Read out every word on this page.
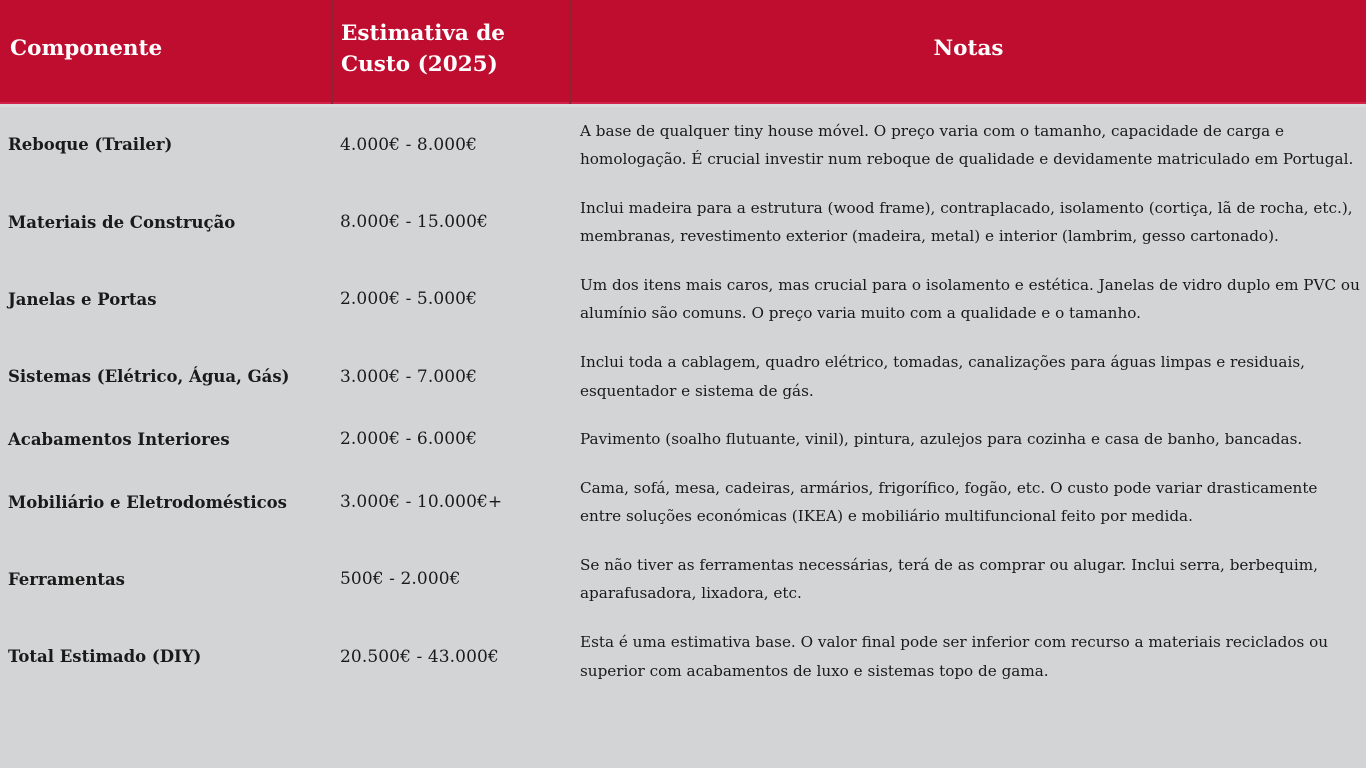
Componente	Estimativa de Custo (2025)	Notas
Reboque (Trailer)	4.000€ - 8.000€	A base de qualquer tiny house móvel. O preço varia com o tamanho, capacidade de carga e homologação. É crucial investir num reboque de qualidade e devidamente matriculado em Portugal.
Materiais de Construção	8.000€ - 15.000€	Inclui madeira para a estrutura (wood frame), contraplacado, isolamento (cortiça, lã de rocha, etc.), membranas, revestimento exterior (madeira, metal) e interior (lambrim, gesso cartonado).
Janelas e Portas	2.000€ - 5.000€	Um dos itens mais caros, mas crucial para o isolamento e estética. Janelas de vidro duplo em PVC ou alumínio são comuns. O preço varia muito com a qualidade e o tamanho.
Sistemas (Elétrico, Água, Gás)	3.000€ - 7.000€	Inclui toda a cablagem, quadro elétrico, tomadas, canalizações para águas limpas e residuais, esquentador e sistema de gás.
Acabamentos Interiores	2.000€ - 6.000€	Pavimento (soalho flutuante, vinil), pintura, azulejos para cozinha e casa de banho, bancadas.
Mobiliário e Eletrodomésticos	3.000€ - 10.000€+	Cama, sofá, mesa, cadeiras, armários, frigorífico, fogão, etc. O custo pode variar drasticamente entre soluções económicas (IKEA) e mobiliário multifuncional feito por medida.
Ferramentas	500€ - 2.000€	Se não tiver as ferramentas necessárias, terá de as comprar ou alugar. Inclui serra, berbequim, aparafusadora, lixadora, etc.
Total Estimado (DIY)	20.500€ - 43.000€	Esta é uma estimativa base. O valor final pode ser inferior com recurso a materiais reciclados ou superior com acabamentos de luxo e sistemas topo de gama.
